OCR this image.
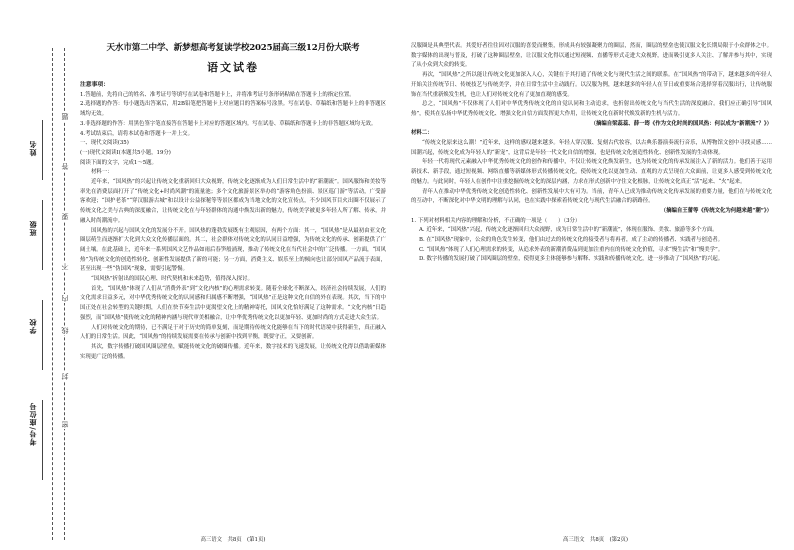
考号/座位号
学校
班级
姓名
密
封
线
内
不
要
答
题
天水市第二中学、新梦想高考复读学校2025届高三级12月份大联考
语文试卷

注意事项：

1.答题前，先将自己的姓名、准考证号等填写在试卷和答题卡上，并将准考证号条形码粘贴在答题卡上的指定位置。

2.选择题的作答：每小题选出答案后，用2B铅笔把答题卡上对应题目的答案标号涂黑。写在试卷、草稿纸和答题卡上的非答题区域均无效。

3.非选择题的作答：用黑色签字笔直接答在答题卡上对应的答题区域内。写在试卷、草稿纸和答题卡上的非答题区域均无效。

4.考试结束后，请将本试卷和答题卡一并上交。

一、现代文阅读(35)

(一)现代文阅读Ⅰ(本题共5小题，19分)

阅读下面的文字，完成1～5题。

材料一：

近年来，“国风热”的兴起让传统文化重新回归大众视野，传统文化逐渐成为人们日常生活中的“新潮流”。国风服饰和美妆等率先在消费层面打开了“传统文化+时尚风潮”的流量池；多个文化旅游景区举办的“游客角色扮演、景区巡门游”等活动，广受游客欢迎；“国护老茶”“穿汉服游古城”和以设计公益探秘等等景区都成为当地文化的文化宣传点，不少国风节目火出圈不仅展示了传统文化之美与古典的深度融合，让传统文化在与年轻群体的沟通中焕发出新的魅力，传统美学被更多年轻人所了解、传承，并融入时尚潮流中。

国风热的兴起与国风文化的发展分不开。国风热的蓬勃发展既有主观原因，有两个方面：其一，“国风热”是从最初由亚文化圈层萌生而逐渐扩大化到大众文化传播层面的。其二，社会群体对传统文化的认同日益增强，为传统文化的传承、创新提供了广阔土壤。在此基础上，近年来一系列国风文艺作品如雨后春笋般涌现，推动了传统文化在当代社会中的广泛传播。一方面，“国风热”为传统文化的创造性转化、创新性发展提供了新的可能；另一方面，消费主义、娱乐至上的倾向也让部分国风产品流于表面，甚至出现一些“伪国风”现象，需要引起警惕。

“国风热”折射出的国民心理、时代契机和未来趋势，值得深入探讨。

首先，“国风热”体现了人们从“消费外表”到“文化内核”的心理需求转变。随着全球化不断深入，经济社会持续发展，人们的文化需求日益多元，对中华优秀传统文化的认同感和归属感不断增强，“国风热”正是这种文化自信的外在表现。其次，当下的中国正处在社会转型的关键时期，人们在快节奏生活中更渴望文化上的精神寄托，国风文化恰好满足了这种需求。“文化内核”日趋强烈，而“国风热”使传统文化的精神内涵与现代审美相融合，让中华优秀传统文化以更加年轻、更加时尚的方式走进大众生活。

人们对传统文化的期待，已不满足于对于历史的简单复刻，而是期待传统文化能够在当下的时代语境中获得新生，真正融入人们的日常生活。因此，“国风热”的持续发展需要在传承与创新中找到平衡，既要守正，又要创新。

其次，数字传播打破国风圈层壁垒，赋能传统文化的破圈传播。近年来，数字技术的飞速发展，让传统文化得以借助新媒体实现更广泛的传播。

高三语文　共8页　(第1页)

汉服圈是具典型代表。其爱好者往往因对汉服的喜爱而聚集，形成具有较强凝聚力的圈层，然而，圈层的壁垒也使汉服文化长期局限于小众群体之中。数字媒体的出现与普及，打破了这种圈层壁垒，让汉服文化得以通过短视频、直播等形式走进大众视野，进而吸引更多人关注、了解并参与其中，实现了从小众到大众的转变。

再次，“国风热”之所以能让传统文化更加深入人心，关键在于其打通了传统文化与现代生活之间的联系。在“国风热”的带动下，越来越多的年轻人开始关注传统节日、传统技艺与传统美学，并在日常生活中主动践行。以汉服为例，越来越多的年轻人在节日或重要场合选择穿着汉服出行，让传统服饰在当代重新焕发生机，也让人们对传统文化有了更加直观的感受。

总之，“国风热”不仅体现了人们对中华优秀传统文化的自觉认同和主动追求，也折射出传统文化与当代生活的深度融合。我们应正确引导“国风热”，使其在弘扬中华优秀传统文化、增强文化自信方面发挥更大作用，让传统文化在新时代焕发新的生机与活力。

（摘编自梁蕊蕊、薛一筠《作为文化时尚的国风热：何以成为“新潮流”？》）

材料二：

“传统文化原来这么潮！”近年来，这样的感叹越来越多。年轻人穿汉服、复刻古代妆容，以古典乐器演奏流行音乐，从博物馆文创中寻找灵感……国潮兴起，传统文化成为年轻人的“新宠”，这背后是年轻一代文化自信的增强，也是传统文化创造性转化、创新性发展的生动体现。

年轻一代将现代元素融入中华优秀传统文化的创作和传播中，不仅让传统文化焕发新生，也为传统文化的传承发展注入了新的活力。他们善于运用新技术、新手段，通过短视频、网络直播等新媒体形式传播传统文化，使传统文化以更加生动、直观的方式呈现在大众面前，让更多人感受到传统文化的魅力。与此同时，年轻人在创作中注重挖掘传统文化的深层内涵，力求在形式创新中守住文化根脉，让传统文化真正“活”起来、“火”起来。

青年人在推动中华优秀传统文化创造性转化、创新性发展中大有可为。当前，青年人已成为推动传统文化传承发展的重要力量，他们在与传统文化的互动中，不断深化对中华文明的理解与认同，也在实践中探索着传统文化与现代生活融合的新路径。

（摘编自王蕾等《传统文化为何越来越“潮”》）

1. 下列对材料相关内容的理解和分析，不正确的一项是（　　）（3分）

A. 近年来，“国风热”兴起，传统文化逐渐回归大众视野，成为日常生活中的“新潮流”，体现在服饰、美妆、旅游等多个方面。

B. 在“国风热”现象中，公众的角色发生转变，他们由过去的传统文化的接受者与将再者，成了主动的传播者、实践者与创造者。

C. “国风热”体现了人们心理需求的转变，从追求外表的新潮消费品到更加注重内在的传统文化价值，寻求“慢生活”和“慢美学”。

D. 数字传播的发展打破了国风圈层的壁垒，使得更多主体能够参与解释、实践和传播传统文化，进一步推动了“国风热”的兴起。

高三语文　共8页　(第2页)
